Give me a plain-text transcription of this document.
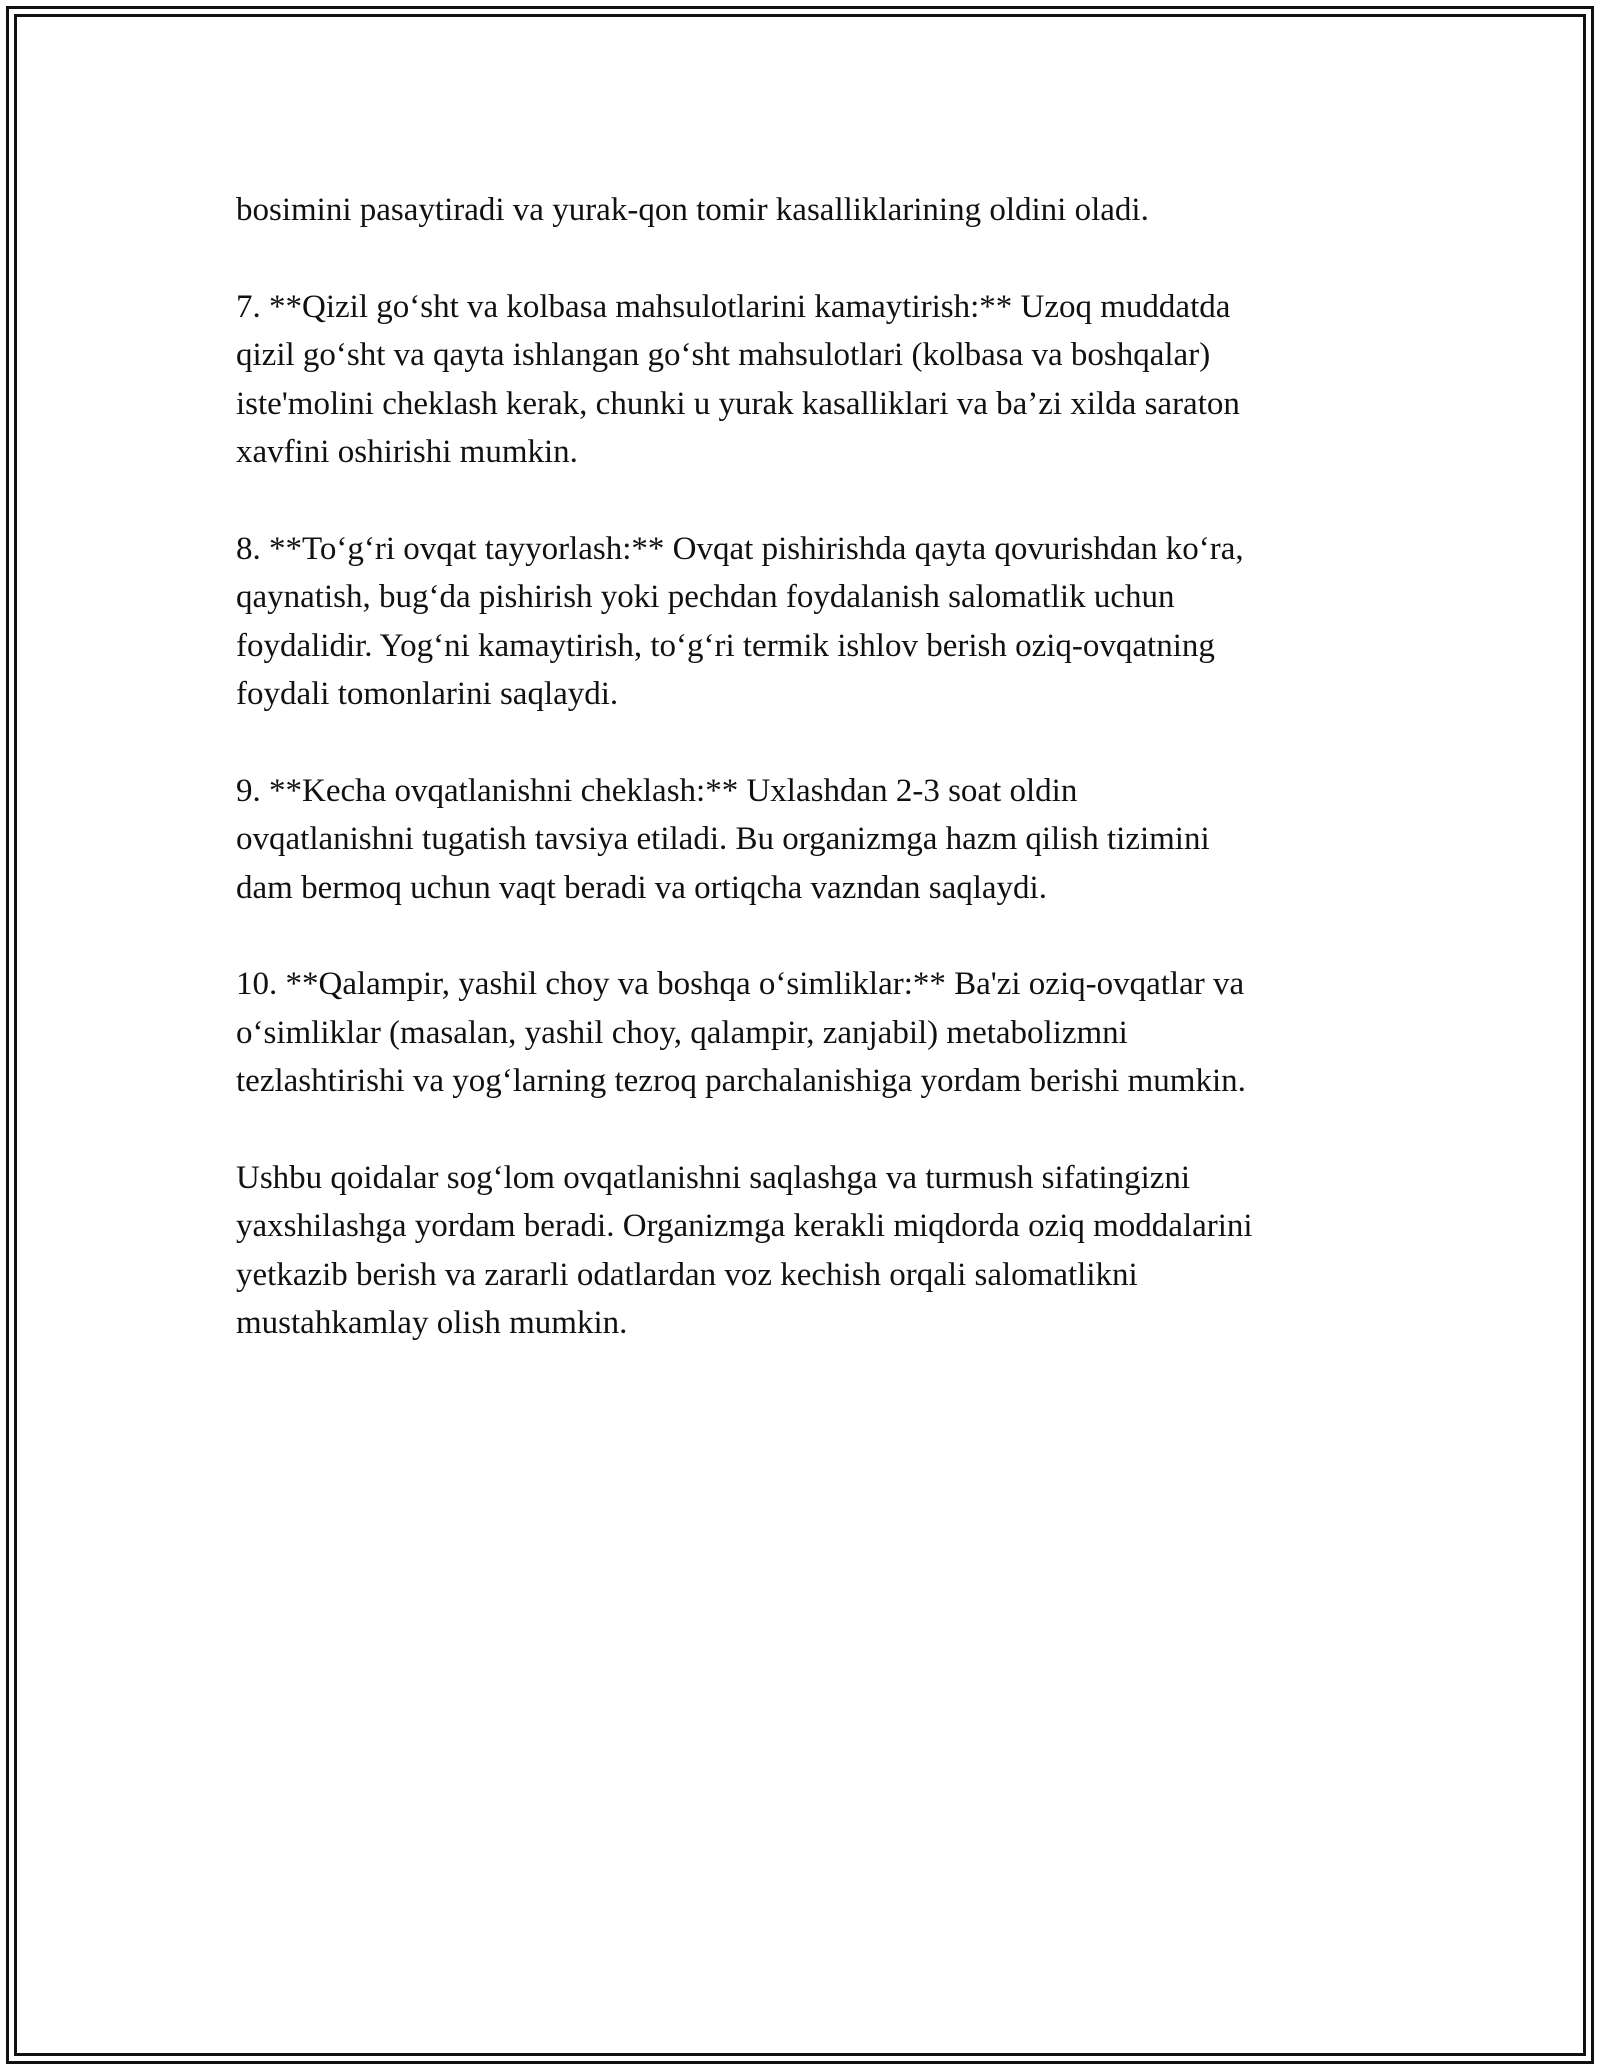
bosimini pasaytiradi va yurak-qon tomir kasalliklarining oldini oladi.

7. **Qizil go‘sht va kolbasa mahsulotlarini kamaytirish:** Uzoq muddatda
qizil go‘sht va qayta ishlangan go‘sht mahsulotlari (kolbasa va boshqalar)
iste'molini cheklash kerak, chunki u yurak kasalliklari va ba’zi xilda saraton
xavfini oshirishi mumkin.

8. **To‘g‘ri ovqat tayyorlash:** Ovqat pishirishda qayta qovurishdan ko‘ra,
qaynatish, bug‘da pishirish yoki pechdan foydalanish salomatlik uchun
foydalidir. Yog‘ni kamaytirish, to‘g‘ri termik ishlov berish oziq-ovqatning
foydali tomonlarini saqlaydi.

9. **Kecha ovqatlanishni cheklash:** Uxlashdan 2-3 soat oldin
ovqatlanishni tugatish tavsiya etiladi. Bu organizmga hazm qilish tizimini
dam bermoq uchun vaqt beradi va ortiqcha vazndan saqlaydi.

10. **Qalampir, yashil choy va boshqa o‘simliklar:** Ba'zi oziq-ovqatlar va
o‘simliklar (masalan, yashil choy, qalampir, zanjabil) metabolizmni
tezlashtirishi va yog‘larning tezroq parchalanishiga yordam berishi mumkin.

Ushbu qoidalar sog‘lom ovqatlanishni saqlashga va turmush sifatingizni
yaxshilashga yordam beradi. Organizmga kerakli miqdorda oziq moddalarini
yetkazib berish va zararli odatlardan voz kechish orqali salomatlikni
mustahkamlay olish mumkin.
